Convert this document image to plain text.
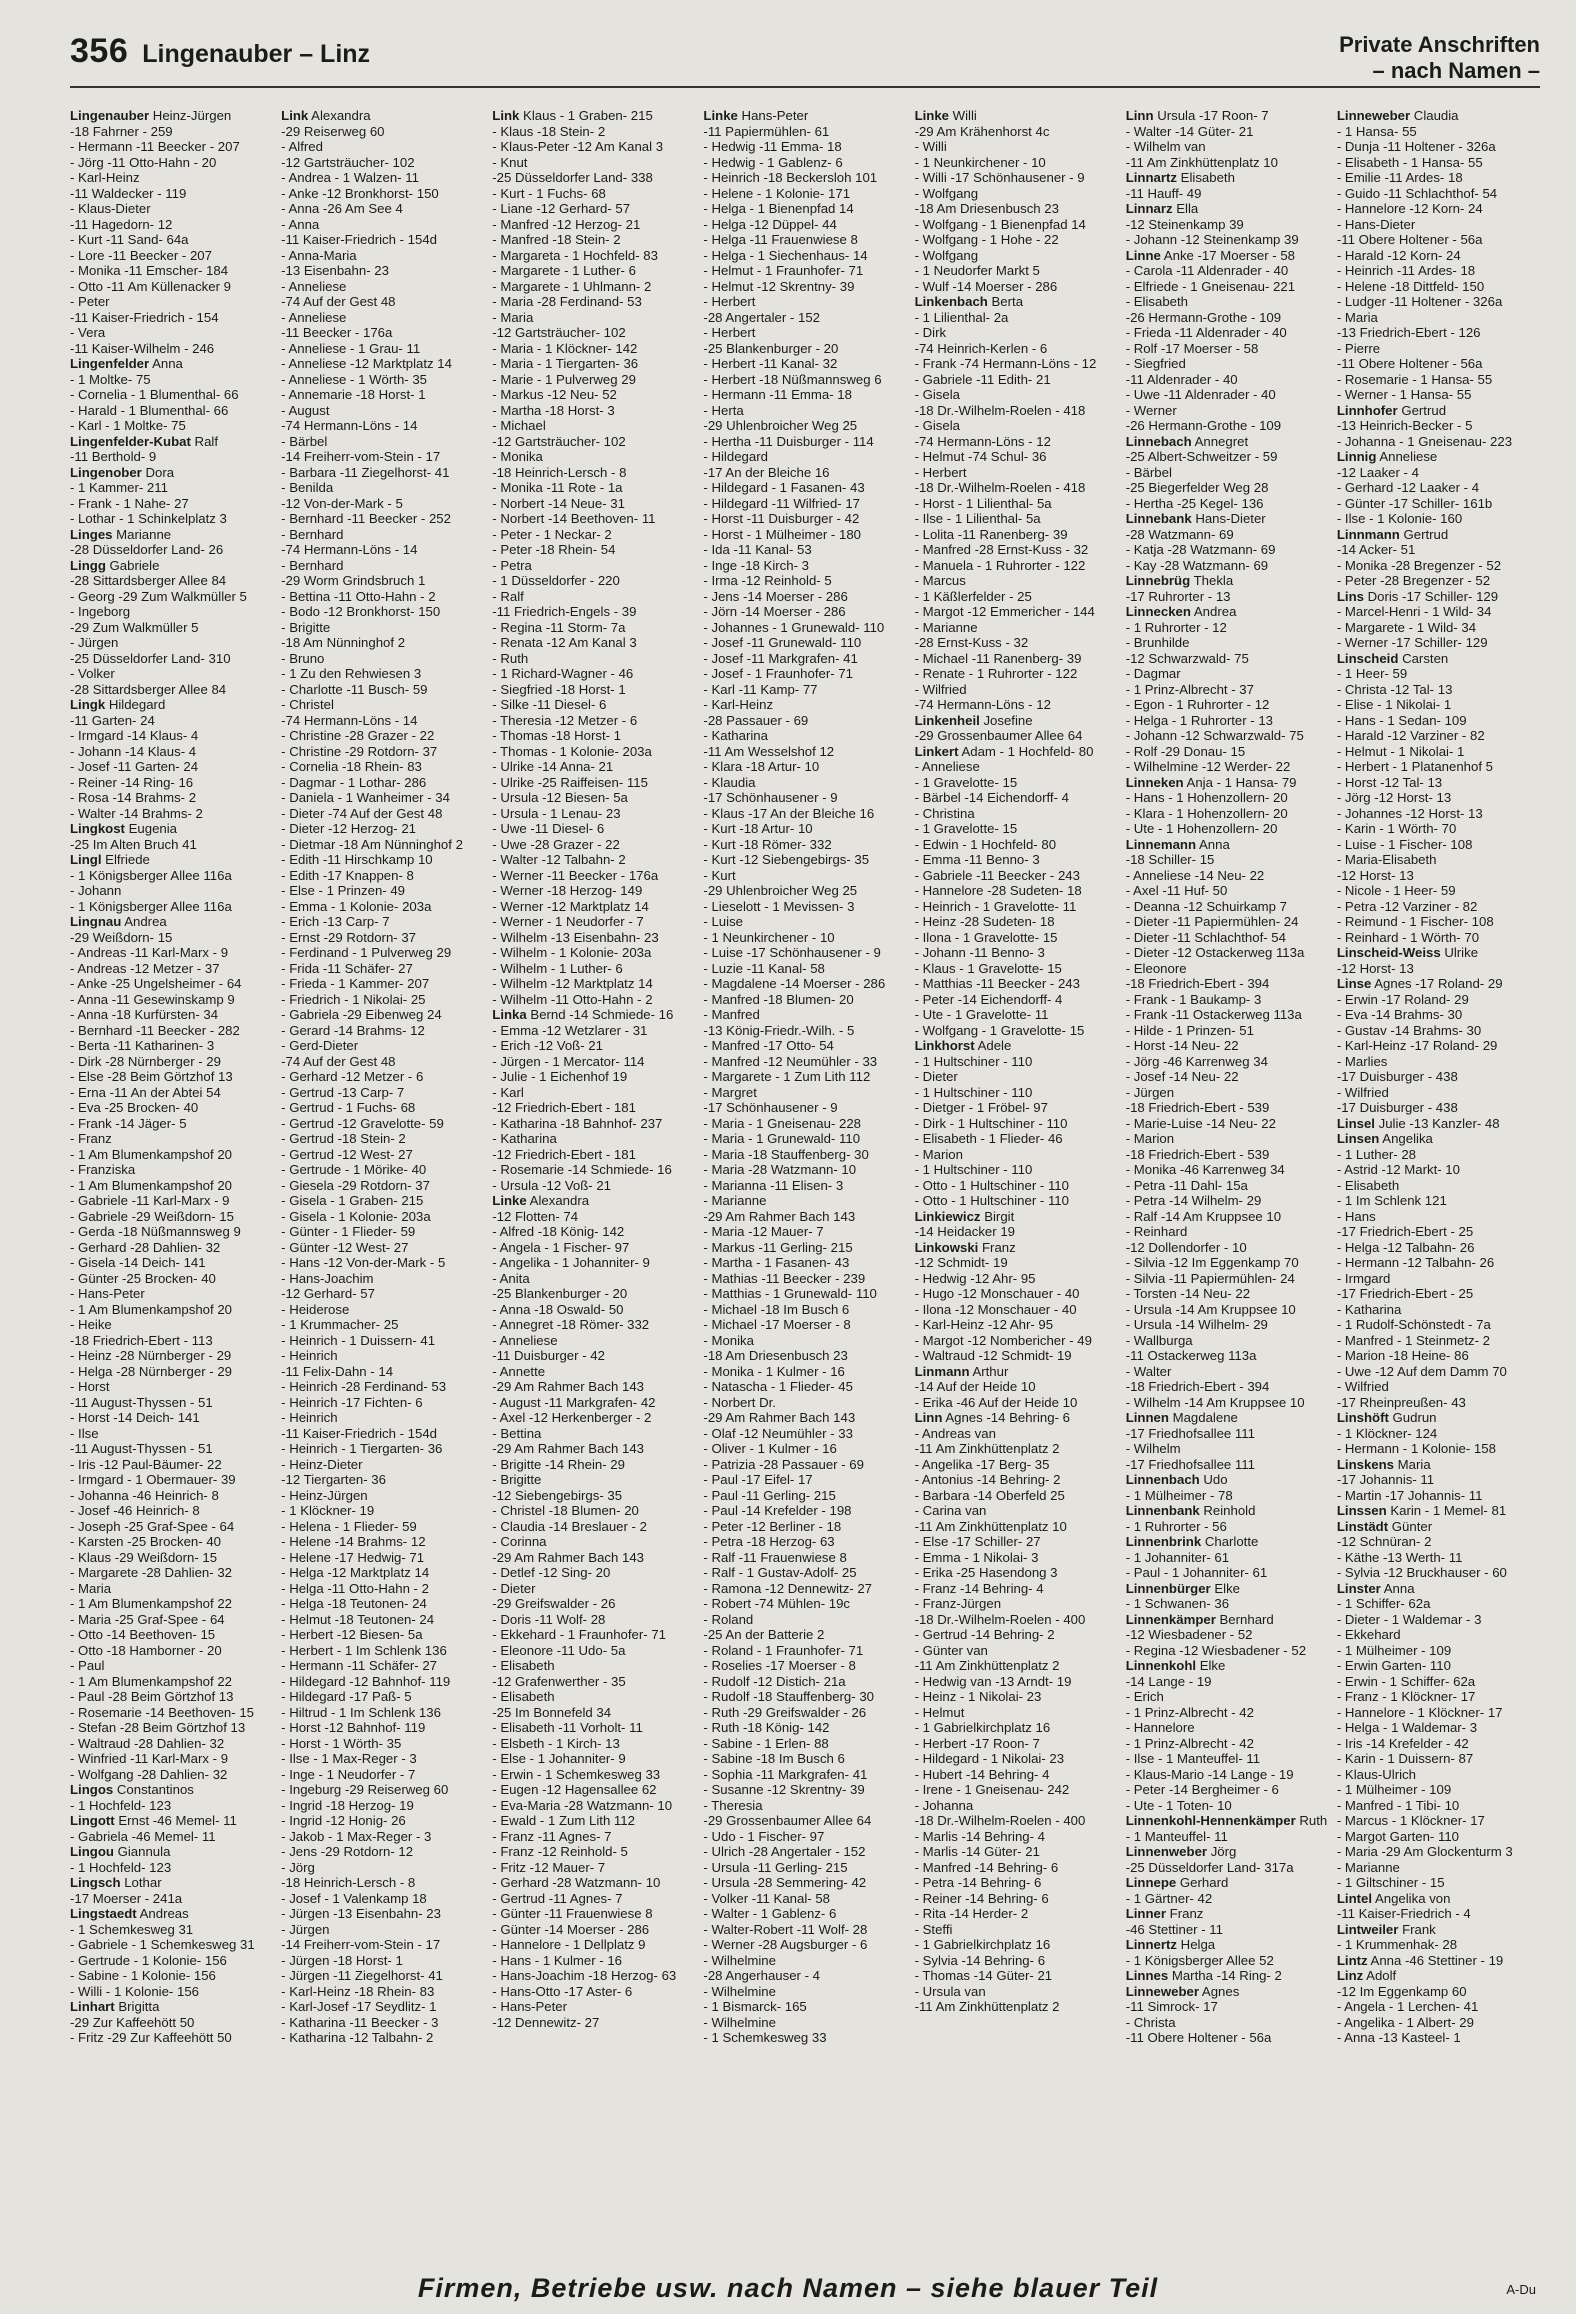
356 Lingenauber – Linz	Private Anschriften
– nach Namen –
Lingenauber Heinz-Jürgen
-18 Fahrner - 259
- Hermann -11 Beecker - 207
- Jörg -11 Otto-Hahn - 20
- Karl-Heinz
-11 Waldecker - 119
- Klaus-Dieter
-11 Hagedorn- 12
- Kurt -11 Sand- 64a
- Lore -11 Beecker - 207
- Monika -11 Emscher- 184
- Otto -11 Am Küllenacker 9
- Peter
-11 Kaiser-Friedrich - 154
- Vera
-11 Kaiser-Wilhelm - 246
Lingenfelder Anna
- 1 Moltke- 75
- Cornelia - 1 Blumenthal- 66
- Harald - 1 Blumenthal- 66
- Karl - 1 Moltke- 75
Lingenfelder-Kubat Ralf
-11 Berthold- 9
Lingenober Dora
- 1 Kammer- 211
- Frank - 1 Nahe- 27
- Lothar - 1 Schinkelplatz 3
Linges Marianne
-28 Düsseldorfer Land- 26
Lingg Gabriele
-28 Sittardsberger Allee 84
- Georg -29 Zum Walkmüller 5
- Ingeborg
-29 Zum Walkmüller 5
- Jürgen
-25 Düsseldorfer Land- 310
- Volker
-28 Sittardsberger Allee 84
Lingk Hildegard
-11 Garten- 24
- Irmgard -14 Klaus- 4
- Johann -14 Klaus- 4
- Josef -11 Garten- 24
- Reiner -14 Ring- 16
- Rosa -14 Brahms- 2
- Walter -14 Brahms- 2
Lingkost Eugenia
-25 Im Alten Bruch 41
Lingl Elfriede
- 1 Königsberger Allee 116a
- Johann
- 1 Königsberger Allee 116a
Lingnau Andrea
-29 Weißdorn- 15
- Andreas -11 Karl-Marx - 9
- Andreas -12 Metzer - 37
- Anke -25 Ungelsheimer - 64
- Anna -11 Gesewinskamp 9
- Anna -18 Kurfürsten- 34
- Bernhard -11 Beecker - 282
- Berta -11 Katharinen- 3
- Dirk -28 Nürnberger - 29
- Else -28 Beim Görtzhof 13
- Erna -11 An der Abtei 54
- Eva -25 Brocken- 40
- Frank -14 Jäger- 5
- Franz
- 1 Am Blumenkampshof 20
- Franziska
- 1 Am Blumenkampshof 20
- Gabriele -11 Karl-Marx - 9
- Gabriele -29 Weißdorn- 15
- Gerda -18 Nüßmannsweg 9
- Gerhard -28 Dahlien- 32
- Gisela -14 Deich- 141
- Günter -25 Brocken- 40
- Hans-Peter
- 1 Am Blumenkampshof 20
- Heike
-18 Friedrich-Ebert - 113
- Heinz -28 Nürnberger - 29
- Helga -28 Nürnberger - 29
- Horst
-11 August-Thyssen - 51
- Horst -14 Deich- 141
- Ilse
-11 August-Thyssen - 51
- Iris -12 Paul-Bäumer- 22
- Irmgard - 1 Obermauer- 39
- Johanna -46 Heinrich- 8
- Josef -46 Heinrich- 8
- Joseph -25 Graf-Spee - 64
- Karsten -25 Brocken- 40
- Klaus -29 Weißdorn- 15
- Margarete -28 Dahlien- 32
- Maria
- 1 Am Blumenkampshof 22
- Maria -25 Graf-Spee - 64
- Otto -14 Beethoven- 15
- Otto -18 Hamborner - 20
- Paul
- 1 Am Blumenkampshof 22
- Paul -28 Beim Görtzhof 13
- Rosemarie -14 Beethoven- 15
- Stefan -28 Beim Görtzhof 13
- Waltraud -28 Dahlien- 32
- Winfried -11 Karl-Marx - 9
- Wolfgang -28 Dahlien- 32
Lingos Constantinos
- 1 Hochfeld- 123
Lingott Ernst -46 Memel- 11
- Gabriela -46 Memel- 11
Lingou Giannula
- 1 Hochfeld- 123
Lingsch Lothar
-17 Moerser - 241a
Lingstaedt Andreas
- 1 Schemkesweg 31
- Gabriele - 1 Schemkesweg 31
- Gertrude - 1 Kolonie- 156
- Sabine - 1 Kolonie- 156
- Willi - 1 Kolonie- 156
Linhart Brigitta
-29 Zur Kaffeehött 50
- Fritz -29 Zur Kaffeehött 50
Link Alexandra
-29 Reiserweg 60
- Alfred
-12 Gartsträucher- 102
- Andrea - 1 Walzen- 11
- Anke -12 Bronkhorst- 150
- Anna -26 Am See 4
- Anna
-11 Kaiser-Friedrich - 154d
- Anna-Maria
-13 Eisenbahn- 23
- Anneliese
-74 Auf der Gest 48
- Anneliese
-11 Beecker - 176a
- Anneliese - 1 Grau- 11
- Anneliese -12 Marktplatz 14
- Anneliese - 1 Wörth- 35
- Annemarie -18 Horst- 1
- August
-74 Hermann-Löns - 14
- Bärbel
-14 Freiherr-vom-Stein - 17
- Barbara -11 Ziegelhorst- 41
- Benilda
-12 Von-der-Mark - 5
- Bernhard -11 Beecker - 252
- Bernhard
-74 Hermann-Löns - 14
- Bernhard
-29 Worm Grindsbruch 1
- Bettina -11 Otto-Hahn - 2
- Bodo -12 Bronkhorst- 150
- Brigitte
-18 Am Nünninghof 2
- Bruno
- 1 Zu den Rehwiesen 3
- Charlotte -11 Busch- 59
- Christel
-74 Hermann-Löns - 14
- Christine -28 Grazer - 22
- Christine -29 Rotdorn- 37
- Cornelia -18 Rhein- 83
- Dagmar - 1 Lothar- 286
- Daniela - 1 Wanheimer - 34
- Dieter -74 Auf der Gest 48
- Dieter -12 Herzog- 21
- Dietmar -18 Am Nünninghof 2
- Edith -11 Hirschkamp 10
- Edith -17 Knappen- 8
- Else - 1 Prinzen- 49
- Emma - 1 Kolonie- 203a
- Erich -13 Carp- 7
- Ernst -29 Rotdorn- 37
- Ferdinand - 1 Pulverweg 29
- Frida -11 Schäfer- 27
- Frieda - 1 Kammer- 207
- Friedrich - 1 Nikolai- 25
- Gabriela -29 Eibenweg 24
- Gerard -14 Brahms- 12
- Gerd-Dieter
-74 Auf der Gest 48
- Gerhard -12 Metzer - 6
- Gertrud -13 Carp- 7
- Gertrud - 1 Fuchs- 68
- Gertrud -12 Gravelotte- 59
- Gertrud -18 Stein- 2
- Gertrud -12 West- 27
- Gertrude - 1 Mörike- 40
- Giesela -29 Rotdorn- 37
- Gisela - 1 Graben- 215
- Gisela - 1 Kolonie- 203a
- Günter - 1 Flieder- 59
- Günter -12 West- 27
- Hans -12 Von-der-Mark - 5
- Hans-Joachim
-12 Gerhard- 57
- Heiderose
- 1 Krummacher- 25
- Heinrich - 1 Duissern- 41
- Heinrich
-11 Felix-Dahn - 14
- Heinrich -28 Ferdinand- 53
- Heinrich -17 Fichten- 6
- Heinrich
-11 Kaiser-Friedrich - 154d
- Heinrich - 1 Tiergarten- 36
- Heinz-Dieter
-12 Tiergarten- 36
- Heinz-Jürgen
- 1 Klöckner- 19
- Helena - 1 Flieder- 59
- Helene -14 Brahms- 12
- Helene -17 Hedwig- 71
- Helga -12 Marktplatz 14
- Helga -11 Otto-Hahn - 2
- Helga -18 Teutonen- 24
- Helmut -18 Teutonen- 24
- Herbert -12 Biesen- 5a
- Herbert - 1 Im Schlenk 136
- Hermann -11 Schäfer- 27
- Hildegard -12 Bahnhof- 119
- Hildegard -17 Paß- 5
- Hiltrud - 1 Im Schlenk 136
- Horst -12 Bahnhof- 119
- Horst - 1 Wörth- 35
- Ilse - 1 Max-Reger - 3
- Inge - 1 Neudorfer - 7
- Ingeburg -29 Reiserweg 60
- Ingrid -18 Herzog- 19
- Ingrid -12 Honig- 26
- Jakob - 1 Max-Reger - 3
- Jens -29 Rotdorn- 12
- Jörg
-18 Heinrich-Lersch - 8
- Josef - 1 Valenkamp 18
- Jürgen -13 Eisenbahn- 23
- Jürgen
-14 Freiherr-vom-Stein - 17
- Jürgen -18 Horst- 1
- Jürgen -11 Ziegelhorst- 41
- Karl-Heinz -18 Rhein- 83
- Karl-Josef -17 Seydlitz- 1
- Katharina -11 Beecker - 3
- Katharina -12 Talbahn- 2
Link Klaus - 1 Graben- 215
- Klaus -18 Stein- 2
- Klaus-Peter -12 Am Kanal 3
- Knut
-25 Düsseldorfer Land- 338
- Kurt - 1 Fuchs- 68
- Liane -12 Gerhard- 57
- Manfred -12 Herzog- 21
- Manfred -18 Stein- 2
- Margareta - 1 Hochfeld- 83
- Margarete - 1 Luther- 6
- Margarete - 1 Uhlmann- 2
- Maria -28 Ferdinand- 53
- Maria
-12 Gartsträucher- 102
- Maria - 1 Klöckner- 142
- Maria - 1 Tiergarten- 36
- Marie - 1 Pulverweg 29
- Markus -12 Neu- 52
- Martha -18 Horst- 3
- Michael
-12 Gartsträucher- 102
- Monika
-18 Heinrich-Lersch - 8
- Monika -11 Rote - 1a
- Norbert -14 Neue- 31
- Norbert -14 Beethoven- 11
- Peter - 1 Neckar- 2
- Peter -18 Rhein- 54
- Petra
- 1 Düsseldorfer - 220
- Ralf
-11 Friedrich-Engels - 39
- Regina -11 Storm- 7a
- Renata -12 Am Kanal 3
- Ruth
- 1 Richard-Wagner - 46
- Siegfried -18 Horst- 1
- Silke -11 Diesel- 6
- Theresia -12 Metzer - 6
- Thomas -18 Horst- 1
- Thomas - 1 Kolonie- 203a
- Ulrike -14 Anna- 21
- Ulrike -25 Raiffeisen- 115
- Ursula -12 Biesen- 5a
- Ursula - 1 Lenau- 23
- Uwe -11 Diesel- 6
- Uwe -28 Grazer - 22
- Walter -12 Talbahn- 2
- Werner -11 Beecker - 176a
- Werner -18 Herzog- 149
- Werner -12 Marktplatz 14
- Werner - 1 Neudorfer - 7
- Wilhelm -13 Eisenbahn- 23
- Wilhelm - 1 Kolonie- 203a
- Wilhelm - 1 Luther- 6
- Wilhelm -12 Marktplatz 14
- Wilhelm -11 Otto-Hahn - 2
Linka Bernd -14 Schmiede- 16
- Emma -12 Wetzlarer - 31
- Erich -12 Voß- 21
- Jürgen - 1 Mercator- 114
- Julie - 1 Eichenhof 19
- Karl
-12 Friedrich-Ebert - 181
- Katharina -18 Bahnhof- 237
- Katharina
-12 Friedrich-Ebert - 181
- Rosemarie -14 Schmiede- 16
- Ursula -12 Voß- 21
Linke Alexandra
-12 Flotten- 74
- Alfred -18 König- 142
- Angela - 1 Fischer- 97
- Angelika - 1 Johanniter- 9
- Anita
-25 Blankenburger - 20
- Anna -18 Oswald- 50
- Annegret -18 Römer- 332
- Anneliese
-11 Duisburger - 42
- Annette
-29 Am Rahmer Bach 143
- August -11 Markgrafen- 42
- Axel -12 Herkenberger - 2
- Bettina
-29 Am Rahmer Bach 143
- Brigitte -14 Rhein- 29
- Brigitte
-12 Siebengebirgs- 35
- Christel -18 Blumen- 20
- Claudia -14 Breslauer - 2
- Corinna
-29 Am Rahmer Bach 143
- Detlef -12 Sing- 20
- Dieter
-29 Greifswalder - 26
- Doris -11 Wolf- 28
- Ekkehard - 1 Fraunhofer- 71
- Eleonore -11 Udo- 5a
- Elisabeth
-12 Grafenwerther - 35
- Elisabeth
-25 Im Bonnefeld 34
- Elisabeth -11 Vorholt- 11
- Elsbeth - 1 Kirch- 13
- Else - 1 Johanniter- 9
- Erwin - 1 Schemkesweg 33
- Eugen -12 Hagensallee 62
- Eva-Maria -28 Watzmann- 10
- Ewald - 1 Zum Lith 112
- Franz -11 Agnes- 7
- Franz -12 Reinhold- 5
- Fritz -12 Mauer- 7
- Gerhard -28 Watzmann- 10
- Gertrud -11 Agnes- 7
- Günter -11 Frauenwiese 8
- Günter -14 Moerser - 286
- Hannelore - 1 Dellplatz 9
- Hans - 1 Kulmer - 16
- Hans-Joachim -18 Herzog- 63
- Hans-Otto -17 Aster- 6
- Hans-Peter
-12 Dennewitz- 27
Linke Hans-Peter
-11 Papiermühlen- 61
- Hedwig -11 Emma- 18
- Hedwig - 1 Gablenz- 6
- Heinrich -18 Beckersloh 101
- Helene - 1 Kolonie- 171
- Helga - 1 Bienenpfad 14
- Helga -12 Düppel- 44
- Helga -11 Frauenwiese 8
- Helga - 1 Siechenhaus- 14
- Helmut - 1 Fraunhofer- 71
- Helmut -12 Skrentny- 39
- Herbert
-28 Angertaler - 152
- Herbert
-25 Blankenburger - 20
- Herbert -11 Kanal- 32
- Herbert -18 Nüßmannsweg 6
- Hermann -11 Emma- 18
- Herta
-29 Uhlenbroicher Weg 25
- Hertha -11 Duisburger - 114
- Hildegard
-17 An der Bleiche 16
- Hildegard - 1 Fasanen- 43
- Hildegard -11 Wilfried- 17
- Horst -11 Duisburger - 42
- Horst - 1 Mülheimer - 180
- Ida -11 Kanal- 53
- Inge -18 Kirch- 3
- Irma -12 Reinhold- 5
- Jens -14 Moerser - 286
- Jörn -14 Moerser - 286
- Johannes - 1 Grunewald- 110
- Josef -11 Grunewald- 110
- Josef -11 Markgrafen- 41
- Josef - 1 Fraunhofer- 71
- Karl -11 Kamp- 77
- Karl-Heinz
-28 Passauer - 69
- Katharina
-11 Am Wesselshof 12
- Klara -18 Artur- 10
- Klaudia
-17 Schönhausener - 9
- Klaus -17 An der Bleiche 16
- Kurt -18 Artur- 10
- Kurt -18 Römer- 332
- Kurt -12 Siebengebirgs- 35
- Kurt
-29 Uhlenbroicher Weg 25
- Lieselott - 1 Mevissen- 3
- Luise
- 1 Neunkirchener - 10
- Luise -17 Schönhausener - 9
- Luzie -11 Kanal- 58
- Magdalene -14 Moerser - 286
- Manfred -18 Blumen- 20
- Manfred
-13 König-Friedr.-Wilh. - 5
- Manfred -17 Otto- 54
- Manfred -12 Neumühler - 33
- Margarete - 1 Zum Lith 112
- Margret
-17 Schönhausener - 9
- Maria - 1 Gneisenau- 228
- Maria - 1 Grunewald- 110
- Maria -18 Stauffenberg- 30
- Maria -28 Watzmann- 10
- Marianna -11 Elisen- 3
- Marianne
-29 Am Rahmer Bach 143
- Maria -12 Mauer- 7
- Markus -11 Gerling- 215
- Martha - 1 Fasanen- 43
- Mathias -11 Beecker - 239
- Matthias - 1 Grunewald- 110
- Michael -18 Im Busch 6
- Michael -17 Moerser - 8
- Monika
-18 Am Driesenbusch 23
- Monika - 1 Kulmer - 16
- Natascha - 1 Flieder- 45
- Norbert Dr.
-29 Am Rahmer Bach 143
- Olaf -12 Neumühler - 33
- Oliver - 1 Kulmer - 16
- Patrizia -28 Passauer - 69
- Paul -17 Eifel- 17
- Paul -11 Gerling- 215
- Paul -14 Krefelder - 198
- Peter -12 Berliner - 18
- Petra -18 Herzog- 63
- Ralf -11 Frauenwiese 8
- Ralf - 1 Gustav-Adolf- 25
- Ramona -12 Dennewitz- 27
- Robert -74 Mühlen- 19c
- Roland
-25 An der Batterie 2
- Roland - 1 Fraunhofer- 71
- Roselies -17 Moerser - 8
- Rudolf -12 Distich- 21a
- Rudolf -18 Stauffenberg- 30
- Ruth -29 Greifswalder - 26
- Ruth -18 König- 142
- Sabine - 1 Erlen- 88
- Sabine -18 Im Busch 6
- Sophia -11 Markgrafen- 41
- Susanne -12 Skrentny- 39
- Theresia
-29 Grossenbaumer Allee 64
- Udo - 1 Fischer- 97
- Ulrich -28 Angertaler - 152
- Ursula -11 Gerling- 215
- Ursula -28 Semmering- 42
- Volker -11 Kanal- 58
- Walter - 1 Gablenz- 6
- Walter-Robert -11 Wolf- 28
- Werner -28 Augsburger - 6
- Wilhelmine
-28 Angerhauser - 4
- Wilhelmine
- 1 Bismarck- 165
- Wilhelmine
- 1 Schemkesweg 33
Linke Willi
-29 Am Krähenhorst 4c
- Willi
- 1 Neunkirchener - 10
- Willi -17 Schönhausener - 9
- Wolfgang
-18 Am Driesenbusch 23
- Wolfgang - 1 Bienenpfad 14
- Wolfgang - 1 Hohe - 22
- Wolfgang
- 1 Neudorfer Markt 5
- Wulf -14 Moerser - 286
Linkenbach Berta
- 1 Lilienthal- 2a
- Dirk
-74 Heinrich-Kerlen - 6
- Frank -74 Hermann-Löns - 12
- Gabriele -11 Edith- 21
- Gisela
-18 Dr.-Wilhelm-Roelen - 418
- Gisela
-74 Hermann-Löns - 12
- Helmut -74 Schul- 36
- Herbert
-18 Dr.-Wilhelm-Roelen - 418
- Horst - 1 Lilienthal- 5a
- Ilse - 1 Lilienthal- 5a
- Lolita -11 Ranenberg- 39
- Manfred -28 Ernst-Kuss - 32
- Manuela - 1 Ruhrorter - 122
- Marcus
- 1 Käßlerfelder - 25
- Margot -12 Emmericher - 144
- Marianne
-28 Ernst-Kuss - 32
- Michael -11 Ranenberg- 39
- Renate - 1 Ruhrorter - 122
- Wilfried
-74 Hermann-Löns - 12
Linkenheil Josefine
-29 Grossenbaumer Allee 64
Linkert Adam - 1 Hochfeld- 80
- Anneliese
- 1 Gravelotte- 15
- Bärbel -14 Eichendorff- 4
- Christina
- 1 Gravelotte- 15
- Edwin - 1 Hochfeld- 80
- Emma -11 Benno- 3
- Gabriele -11 Beecker - 243
- Hannelore -28 Sudeten- 18
- Heinrich - 1 Gravelotte- 11
- Heinz -28 Sudeten- 18
- Ilona - 1 Gravelotte- 15
- Johann -11 Benno- 3
- Klaus - 1 Gravelotte- 15
- Matthias -11 Beecker - 243
- Peter -14 Eichendorff- 4
- Ute - 1 Gravelotte- 11
- Wolfgang - 1 Gravelotte- 15
Linkhorst Adele
- 1 Hultschiner - 110
- Dieter
- 1 Hultschiner - 110
- Dietger - 1 Fröbel- 97
- Dirk - 1 Hultschiner - 110
- Elisabeth - 1 Flieder- 46
- Marion
- 1 Hultschiner - 110
- Otto - 1 Hultschiner - 110
- Otto - 1 Hultschiner - 110
Linkiewicz Birgit
-14 Heidacker 19
Linkowski Franz
-12 Schmidt- 19
- Hedwig -12 Ahr- 95
- Hugo -12 Monschauer - 40
- Ilona -12 Monschauer - 40
- Karl-Heinz -12 Ahr- 95
- Margot -12 Nombericher - 49
- Waltraud -12 Schmidt- 19
Linmann Arthur
-14 Auf der Heide 10
- Erika -46 Auf der Heide 10
Linn Agnes -14 Behring- 6
- Andreas van
-11 Am Zinkhüttenplatz 2
- Angelika -17 Berg- 35
- Antonius -14 Behring- 2
- Barbara -14 Oberfeld 25
- Carina van
-11 Am Zinkhüttenplatz 10
- Else -17 Schiller- 27
- Emma - 1 Nikolai- 3
- Erika -25 Hasendong 3
- Franz -14 Behring- 4
- Franz-Jürgen
-18 Dr.-Wilhelm-Roelen - 400
- Gertrud -14 Behring- 2
- Günter van
-11 Am Zinkhüttenplatz 2
- Hedwig van -13 Arndt- 19
- Heinz - 1 Nikolai- 23
- Helmut
- 1 Gabrielkirchplatz 16
- Herbert -17 Roon- 7
- Hildegard - 1 Nikolai- 23
- Hubert -14 Behring- 4
- Irene - 1 Gneisenau- 242
- Johanna
-18 Dr.-Wilhelm-Roelen - 400
- Marlis -14 Behring- 4
- Marlis -14 Güter- 21
- Manfred -14 Behring- 6
- Petra -14 Behring- 6
- Reiner -14 Behring- 6
- Rita -14 Herder- 2
- Steffi
- 1 Gabrielkirchplatz 16
- Sylvia -14 Behring- 6
- Thomas -14 Güter- 21
- Ursula van
-11 Am Zinkhüttenplatz 2
Linn Ursula -17 Roon- 7
- Walter -14 Güter- 21
- Wilhelm van
-11 Am Zinkhüttenplatz 10
Linnartz Elisabeth
-11 Hauff- 49
Linnarz Ella
-12 Steinenkamp 39
- Johann -12 Steinenkamp 39
Linne Anke -17 Moerser - 58
- Carola -11 Aldenrader - 40
- Elfriede - 1 Gneisenau- 221
- Elisabeth
-26 Hermann-Grothe - 109
- Frieda -11 Aldenrader - 40
- Rolf -17 Moerser - 58
- Siegfried
-11 Aldenrader - 40
- Uwe -11 Aldenrader - 40
- Werner
-26 Hermann-Grothe - 109
Linnebach Annegret
-25 Albert-Schweitzer - 59
- Bärbel
-25 Biegerfelder Weg 28
- Hertha -25 Kegel- 136
Linnebank Hans-Dieter
-28 Watzmann- 69
- Katja -28 Watzmann- 69
- Kay -28 Watzmann- 69
Linnebrüg Thekla
-17 Ruhrorter - 13
Linnecken Andrea
- 1 Ruhrorter - 12
- Brunhilde
-12 Schwarzwald- 75
- Dagmar
- 1 Prinz-Albrecht - 37
- Egon - 1 Ruhrorter - 12
- Helga - 1 Ruhrorter - 13
- Johann -12 Schwarzwald- 75
- Rolf -29 Donau- 15
- Wilhelmine -12 Werder- 22
Linneken Anja - 1 Hansa- 79
- Hans - 1 Hohenzollern- 20
- Klara - 1 Hohenzollern- 20
- Ute - 1 Hohenzollern- 20
Linnemann Anna
-18 Schiller- 15
- Anneliese -14 Neu- 22
- Axel -11 Huf- 50
- Deanna -12 Schuirkamp 7
- Dieter -11 Papiermühlen- 24
- Dieter -11 Schlachthof- 54
- Dieter -12 Ostackerweg 113a
- Eleonore
-18 Friedrich-Ebert - 394
- Frank - 1 Baukamp- 3
- Frank -11 Ostackerweg 113a
- Hilde - 1 Prinzen- 51
- Horst -14 Neu- 22
- Jörg -46 Karrenweg 34
- Josef -14 Neu- 22
- Jürgen
-18 Friedrich-Ebert - 539
- Marie-Luise -14 Neu- 22
- Marion
-18 Friedrich-Ebert - 539
- Monika -46 Karrenweg 34
- Petra -11 Dahl- 15a
- Petra -14 Wilhelm- 29
- Ralf -14 Am Kruppsee 10
- Reinhard
-12 Dollendorfer - 10
- Silvia -12 Im Eggenkamp 70
- Silvia -11 Papiermühlen- 24
- Torsten -14 Neu- 22
- Ursula -14 Am Kruppsee 10
- Ursula -14 Wilhelm- 29
- Wallburga
-11 Ostackerweg 113a
- Walter
-18 Friedrich-Ebert - 394
- Wilhelm -14 Am Kruppsee 10
Linnen Magdalene
-17 Friedhofsallee 111
- Wilhelm
-17 Friedhofsallee 111
Linnenbach Udo
- 1 Mülheimer - 78
Linnenbank Reinhold
- 1 Ruhrorter - 56
Linnenbrink Charlotte
- 1 Johanniter- 61
- Paul - 1 Johanniter- 61
Linnenbürger Elke
- 1 Schwanen- 36
Linnenkämper Bernhard
-12 Wiesbadener - 52
- Regina -12 Wiesbadener - 52
Linnenkohl Elke
-14 Lange - 19
- Erich
- 1 Prinz-Albrecht - 42
- Hannelore
- 1 Prinz-Albrecht - 42
- Ilse - 1 Manteuffel- 11
- Klaus-Mario -14 Lange - 19
- Peter -14 Bergheimer - 6
- Ute - 1 Toten- 10
Linnenkohl-Hennenkämper Ruth
- 1 Manteuffel- 11
Linnenweber Jörg
-25 Düsseldorfer Land- 317a
Linnepe Gerhard
- 1 Gärtner- 42
Linner Franz
-46 Stettiner - 11
Linnertz Helga
- 1 Königsberger Allee 52
Linnes Martha -14 Ring- 2
Linneweber Agnes
-11 Simrock- 17
- Christa
-11 Obere Holtener - 56a
Linneweber Claudia
- 1 Hansa- 55
- Dunja -11 Holtener - 326a
- Elisabeth - 1 Hansa- 55
- Emilie -11 Ardes- 18
- Guido -11 Schlachthof- 54
- Hannelore -12 Korn- 24
- Hans-Dieter
-11 Obere Holtener - 56a
- Harald -12 Korn- 24
- Heinrich -11 Ardes- 18
- Helene -18 Dittfeld- 150
- Ludger -11 Holtener - 326a
- Maria
-13 Friedrich-Ebert - 126
- Pierre
-11 Obere Holtener - 56a
- Rosemarie - 1 Hansa- 55
- Werner - 1 Hansa- 55
Linnhofer Gertrud
-13 Heinrich-Becker - 5
- Johanna - 1 Gneisenau- 223
Linnig Anneliese
-12 Laaker - 4
- Gerhard -12 Laaker - 4
- Günter -17 Schiller- 161b
- Ilse - 1 Kolonie- 160
Linnmann Gertrud
-14 Acker- 51
- Monika -28 Bregenzer - 52
- Peter -28 Bregenzer - 52
Lins Doris -17 Schiller- 129
- Marcel-Henri - 1 Wild- 34
- Margarete - 1 Wild- 34
- Werner -17 Schiller- 129
Linscheid Carsten
- 1 Heer- 59
- Christa -12 Tal- 13
- Elise - 1 Nikolai- 1
- Hans - 1 Sedan- 109
- Harald -12 Varziner - 82
- Helmut - 1 Nikolai- 1
- Herbert - 1 Platanenhof 5
- Horst -12 Tal- 13
- Jörg -12 Horst- 13
- Johannes -12 Horst- 13
- Karin - 1 Wörth- 70
- Luise - 1 Fischer- 108
- Maria-Elisabeth
-12 Horst- 13
- Nicole - 1 Heer- 59
- Petra -12 Varziner - 82
- Reimund - 1 Fischer- 108
- Reinhard - 1 Wörth- 70
Linscheid-Weiss Ulrike
-12 Horst- 13
Linse Agnes -17 Roland- 29
- Erwin -17 Roland- 29
- Eva -14 Brahms- 30
- Gustav -14 Brahms- 30
- Karl-Heinz -17 Roland- 29
- Marlies
-17 Duisburger - 438
- Wilfried
-17 Duisburger - 438
Linsel Julie -13 Kanzler- 48
Linsen Angelika
- 1 Luther- 28
- Astrid -12 Markt- 10
- Elisabeth
- 1 Im Schlenk 121
- Hans
-17 Friedrich-Ebert - 25
- Helga -12 Talbahn- 26
- Hermann -12 Talbahn- 26
- Irmgard
-17 Friedrich-Ebert - 25
- Katharina
- 1 Rudolf-Schönstedt - 7a
- Manfred - 1 Steinmetz- 2
- Marion -18 Heine- 86
- Uwe -12 Auf dem Damm 70
- Wilfried
-17 Rheinpreußen- 43
Linshöft Gudrun
- 1 Klöckner- 124
- Hermann - 1 Kolonie- 158
Linskens Maria
-17 Johannis- 11
- Martin -17 Johannis- 11
Linssen Karin - 1 Memel- 81
Linstädt Günter
-12 Schnüran- 2
- Käthe -13 Werth- 11
- Sylvia -12 Bruckhauser - 60
Linster Anna
- 1 Schiffer- 62a
- Dieter - 1 Waldemar - 3
- Ekkehard
- 1 Mülheimer - 109
- Erwin Garten- 110
- Erwin - 1 Schiffer- 62a
- Franz - 1 Klöckner- 17
- Hannelore - 1 Klöckner- 17
- Helga - 1 Waldemar- 3
- Iris -14 Krefelder - 42
- Karin - 1 Duissern- 87
- Klaus-Ulrich
- 1 Mülheimer - 109
- Manfred - 1 Tibi- 10
- Marcus - 1 Klöckner- 17
- Margot Garten- 110
- Maria -29 Am Glockenturm 3
- Marianne
- 1 Giltschiner - 15
Lintel Angelika von
-11 Kaiser-Friedrich - 4
Lintweiler Frank
- 1 Krummenhak- 28
Lintz Anna -46 Stettiner - 19
Linz Adolf
-12 Im Eggenkamp 60
- Angela - 1 Lerchen- 41
- Angelika - 1 Albert- 29
- Anna -13 Kasteel- 1
Firmen, Betriebe usw. nach Namen – siehe blauer Teil	A-Du
